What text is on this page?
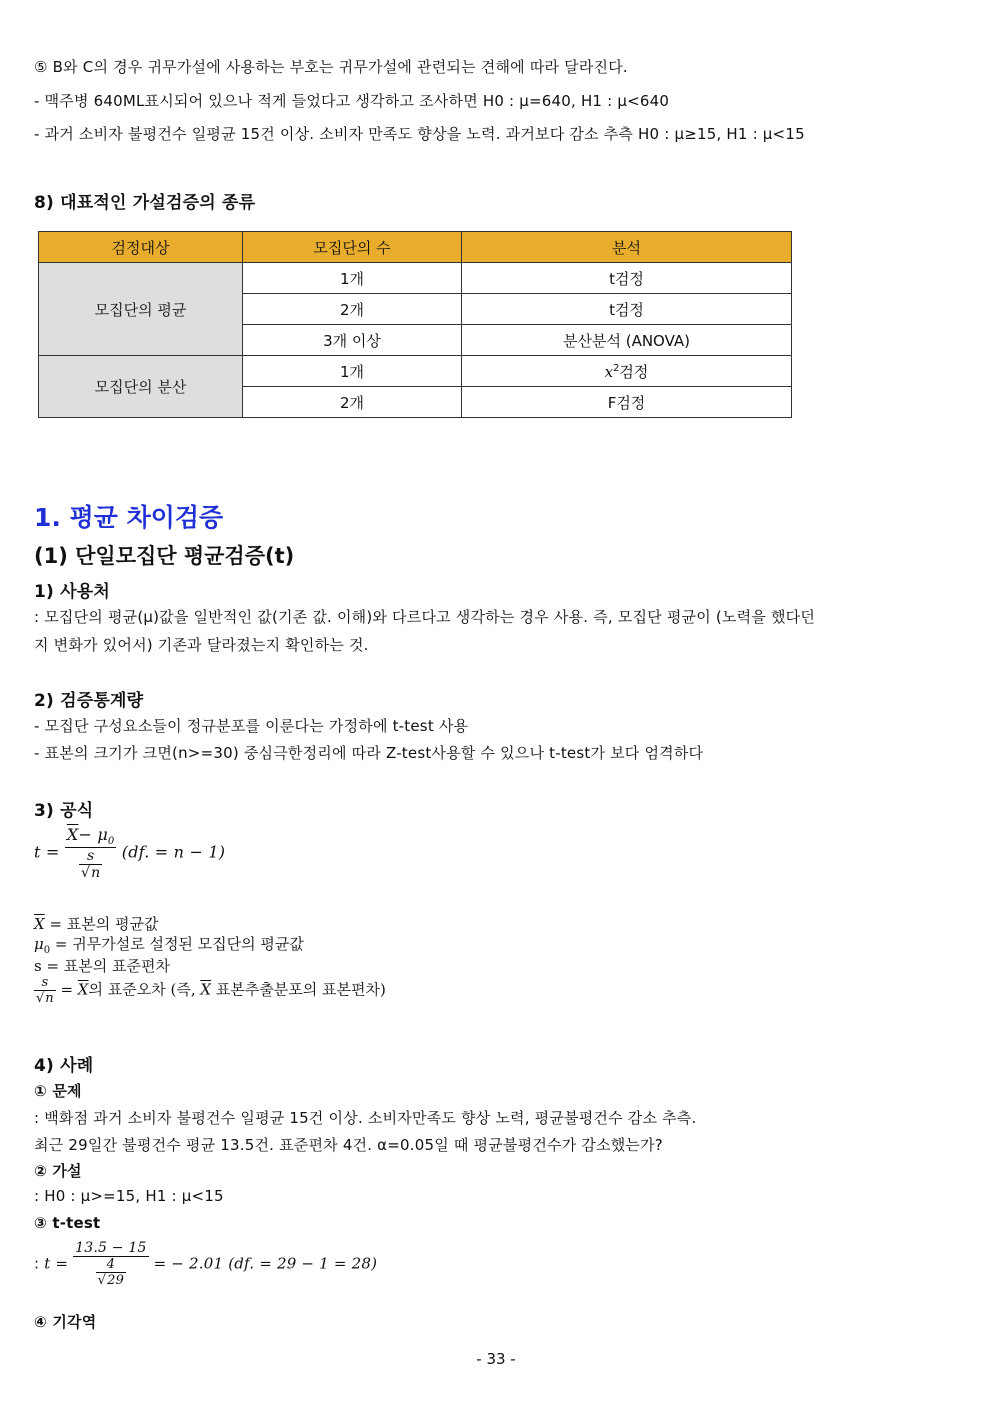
⑤ B와 C의 경우 귀무가설에 사용하는 부호는 귀무가설에 관련되는 견해에 따라 달라진다.
- 맥주병 640ML표시되어 있으나 적게 들었다고 생각하고 조사하면 H0 : μ=640, H1 : μ<640
- 과거 소비자 불평건수 일평균 15건 이상. 소비자 만족도 향상을 노력. 과거보다 감소 추측 H0 : μ≥15, H1 : μ<15
8) 대표적인 가설검증의 종류
검정대상	모집단의 수	분석
모집단의 평균	1개	t검정
	2개	t검정
	3개 이상	분산분석 (ANOVA)
모집단의 분산	1개	$x^2$검정
	2개	F검정
1. 평균 차이검증
(1) 단일모집단 평균검증(t)
1) 사용처
: 모집단의 평균(μ)값을 일반적인 값(기존 값. 이해)와 다르다고 생각하는 경우 사용. 즉, 모집단 평균이 (노력을 했다던
지 변화가 있어서) 기존과 달라졌는지 확인하는 것.
2) 검증통계량
- 모집단 구성요소들이 정규분포를 이룬다는 가정하에 t-test 사용
- 표본의 크기가 크면(n>=30) 중심극한정리에 따라 Z-test사용할 수 있으나 t-test가 보다 엄격하다
3) 공식
$t = \frac{\overline{X}- \mu_0}{\frac{s}{√n}} (df$. = n − 1)
$\overline{X}$ = 표본의 평균값
$\mu_0$ = 귀무가설로 설정된 모집단의 평균값
s = 표본의 표준편차
$\frac{s}{√n} = \overline{X}$의 표준오차 (즉, $\overline{X}$ 표본추출분포의 표본편차)
4) 사례
① 문제
: 백화점 과거 소비자 불평건수 일평균 15건 이상. 소비자만족도 향상 노력, 평균불평건수 감소 추측.
최근 29일간 불평건수 평균 13.5건. 표준편차 4건. α=0.05일 때 평균불평건수가 감소했는가?
② 가설
: H0 : μ>=15, H1 : μ<15
③ t-test
: $t = \frac{13.5 - 15}{\frac{4}{√29}}$ = − 2.01 (df. = 29 − 1 = 28)
④ 기각역
- 33 -
